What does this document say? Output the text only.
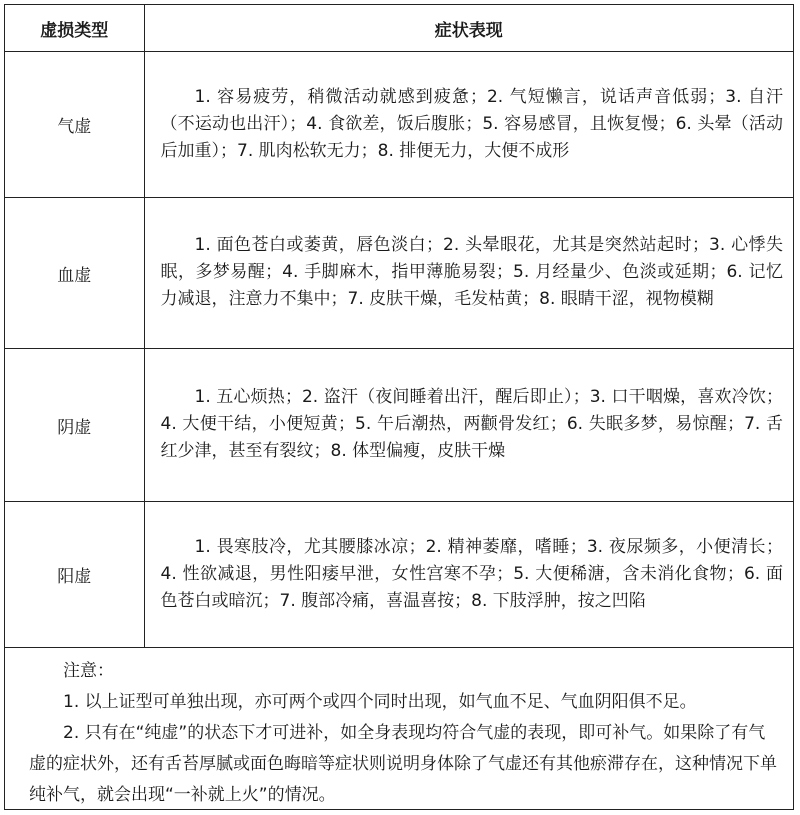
虚损类型	症状表现
气虚	1. 容易疲劳，稍微活动就感到疲惫；2. 气短懒言，说话声音低弱；3. 自汗（不运动也出汗）；4. 食欲差，饭后腹胀；5. 容易感冒，且恢复慢；6. 头晕（活动后加重）；7. 肌肉松软无力；8. 排便无力，大便不成形
血虚	1. 面色苍白或萎黄，唇色淡白；2. 头晕眼花，尤其是突然站起时；3. 心悸失眠，多梦易醒；4. 手脚麻木，指甲薄脆易裂；5. 月经量少、色淡或延期；6. 记忆力减退，注意力不集中；7. 皮肤干燥，毛发枯黄；8. 眼睛干涩，视物模糊
阴虚	1. 五心烦热；2. 盗汗（夜间睡着出汗，醒后即止）；3. 口干咽燥，喜欢冷饮；4. 大便干结，小便短黄；5. 午后潮热，两颧骨发红；6. 失眠多梦，易惊醒；7. 舌红少津，甚至有裂纹；8. 体型偏瘦，皮肤干燥
阳虚	1. 畏寒肢冷，尤其腰膝冰凉；2. 精神萎靡，嗜睡；3. 夜尿频多，小便清长；4. 性欲减退，男性阳痿早泄，女性宫寒不孕；5. 大便稀溏，含未消化食物；6. 面色苍白或暗沉；7. 腹部冷痛，喜温喜按；8. 下肢浮肿，按之凹陷

注意：

1. 以上证型可单独出现，亦可两个或四个同时出现，如气血不足、气血阴阳俱不足。

2. 只有在“纯虚”的状态下才可进补，如全身表现均符合气虚的表现，即可补气。如果除了有气虚的症状外，还有舌苔厚腻或面色晦暗等症状则说明身体除了气虚还有其他瘀滞存在，这种情况下单纯补气，就会出现“一补就上火”的情况。
